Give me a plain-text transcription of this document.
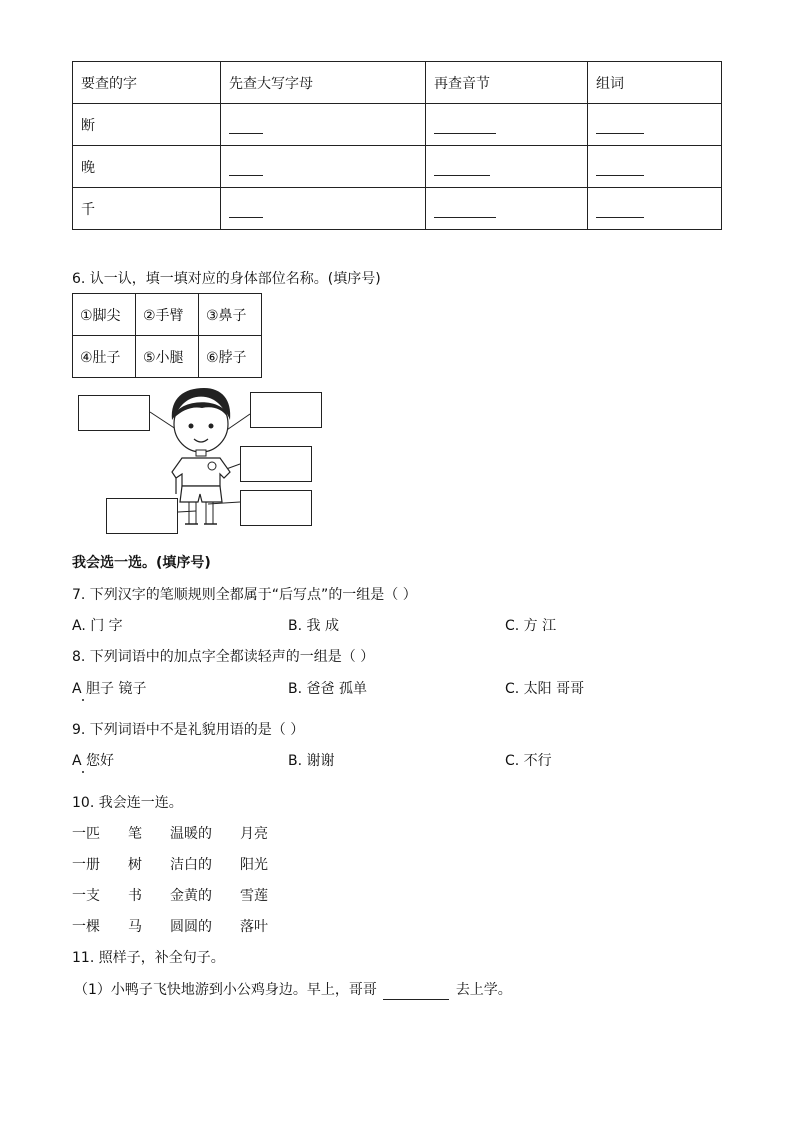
要查的字	先查大写字母	再查音节	组词
断			
晚			
千			
6. 认一认，填一填对应的身体部位名称。(填序号)
①脚尖	②手臂	③鼻子
④肚子	⑤小腿	⑥脖子
我会选一选。(填序号)
7. 下列汉字的笔顺规则全都属于“后写点”的一组是（ ）
A. 门 字	B. 我 成	C. 方 江
8. 下列词语中的加点字全都读轻声的一组是（ ）
A 胆子 镜子	B. 爸爸 孤单	C. 太阳 哥哥
9. 下列词语中不是礼貌用语的是（ ）
A 您好	B. 谢谢	C. 不行
10. 我会连一连。
一匹 笔 温暖的 月亮
一册 树 洁白的 阳光
一支 书 金黄的 雪莲
一棵 马 圆圆的 落叶
11. 照样子，补全句子。
（1）小鸭子飞快地游到小公鸡身边。早上，哥哥	去上学。
